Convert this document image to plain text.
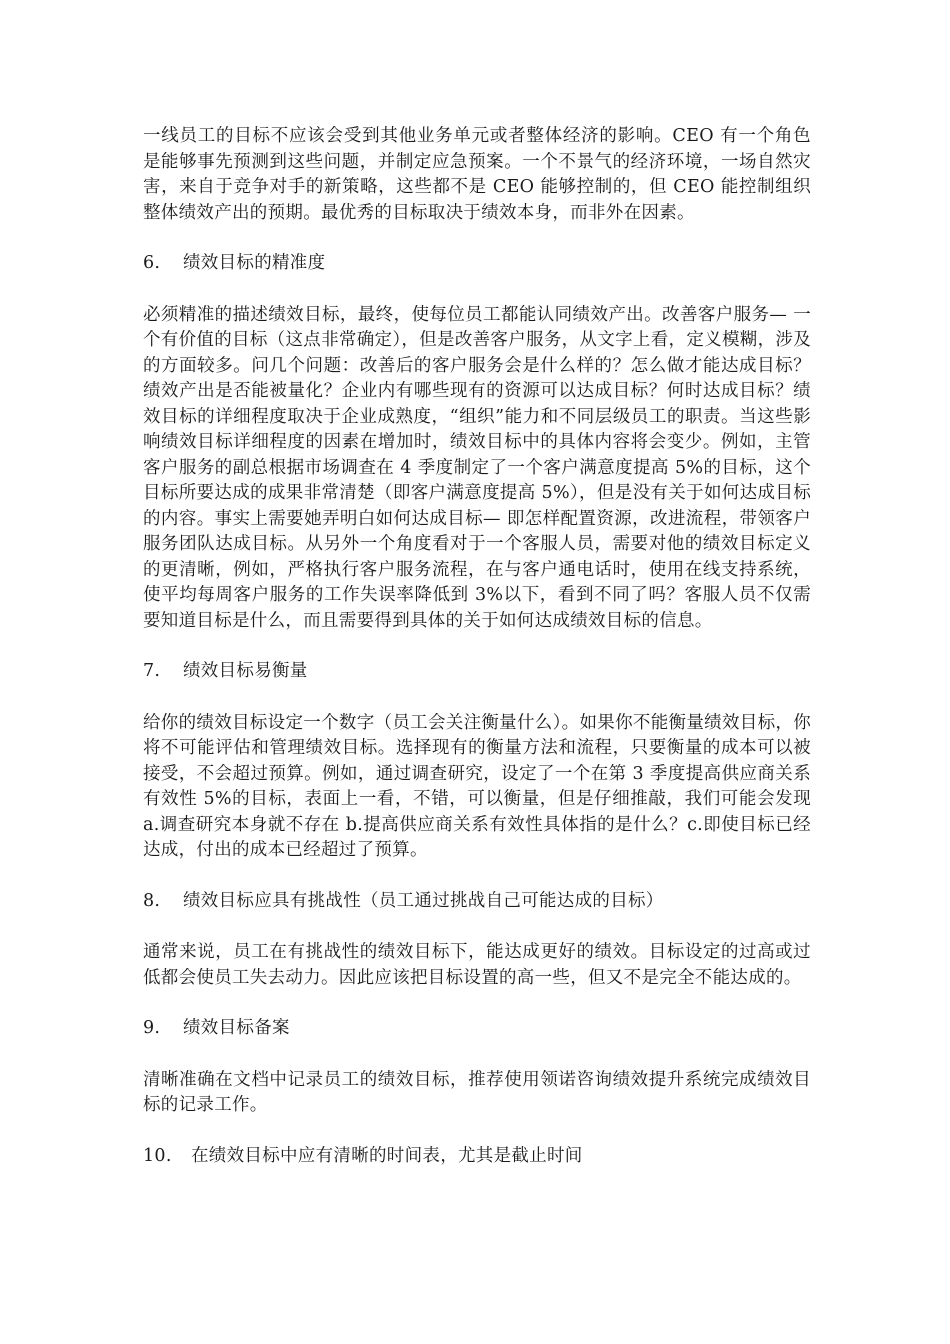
一线员工的目标不应该会受到其他业务单元或者整体经济的影响。CEO 有一个角色是能够事先预测到这些问题，并制定应急预案。一个不景气的经济环境，一场自然灾害，来自于竞争对手的新策略，这些都不是 CEO 能够控制的，但 CEO 能控制组织整体绩效产出的预期。最优秀的目标取决于绩效本身，而非外在因素。

6. 绩效目标的精准度

必须精准的描述绩效目标，最终，使每位员工都能认同绩效产出。改善客户服务— 一个有价值的目标（这点非常确定），但是改善客户服务，从文字上看，定义模糊，涉及的方面较多。问几个问题：改善后的客户服务会是什么样的？怎么做才能达成目标？绩效产出是否能被量化？企业内有哪些现有的资源可以达成目标？何时达成目标？绩效目标的详细程度取决于企业成熟度，“组织”能力和不同层级员工的职责。当这些影响绩效目标详细程度的因素在增加时，绩效目标中的具体内容将会变少。例如，主管客户服务的副总根据市场调查在 4 季度制定了一个客户满意度提高 5%的目标，这个目标所要达成的成果非常清楚（即客户满意度提高 5%），但是没有关于如何达成目标的内容。事实上需要她弄明白如何达成目标— 即怎样配置资源，改进流程，带领客户服务团队达成目标。从另外一个角度看对于一个客服人员，需要对他的绩效目标定义的更清晰，例如，严格执行客户服务流程，在与客户通电话时，使用在线支持系统，使平均每周客户服务的工作失误率降低到 3%以下，看到不同了吗？客服人员不仅需要知道目标是什么，而且需要得到具体的关于如何达成绩效目标的信息。

7. 绩效目标易衡量

给你的绩效目标设定一个数字（员工会关注衡量什么）。如果你不能衡量绩效目标，你将不可能评估和管理绩效目标。选择现有的衡量方法和流程，只要衡量的成本可以被接受，不会超过预算。例如，通过调查研究，设定了一个在第 3 季度提高供应商关系有效性 5%的目标，表面上一看，不错，可以衡量，但是仔细推敲，我们可能会发现 a.调查研究本身就不存在 b.提高供应商关系有效性具体指的是什么？c.即使目标已经达成，付出的成本已经超过了预算。

8. 绩效目标应具有挑战性（员工通过挑战自己可能达成的目标）

通常来说，员工在有挑战性的绩效目标下，能达成更好的绩效。目标设定的过高或过低都会使员工失去动力。因此应该把目标设置的高一些，但又不是完全不能达成的。

9. 绩效目标备案

清晰准确在文档中记录员工的绩效目标，推荐使用领诺咨询绩效提升系统完成绩效目标的记录工作。

10. 在绩效目标中应有清晰的时间表，尤其是截止时间
